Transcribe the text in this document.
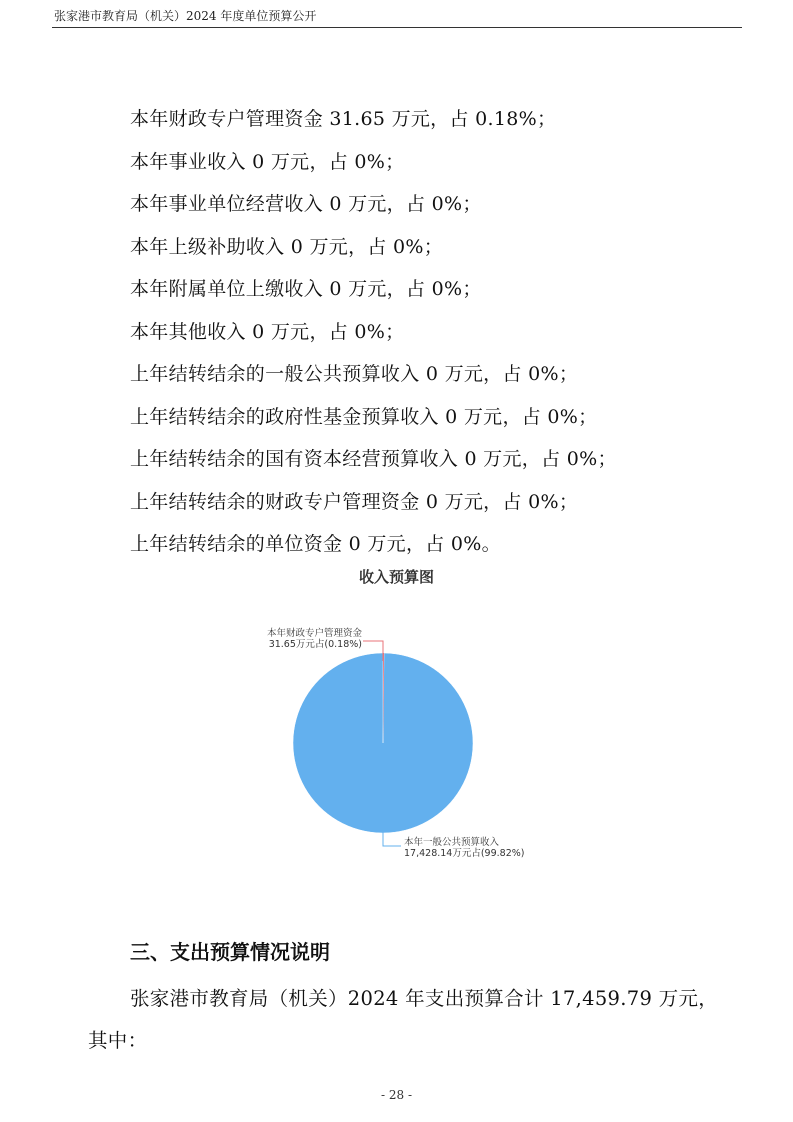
张家港市教育局（机关）2024 年度单位预算公开
本年财政专户管理资金 31.65 万元，占 0.18%；
本年事业收入 0 万元，占 0%；
本年事业单位经营收入 0 万元，占 0%；
本年上级补助收入 0 万元，占 0%；
本年附属单位上缴收入 0 万元，占 0%；
本年其他收入 0 万元，占 0%；
上年结转结余的一般公共预算收入 0 万元，占 0%；
上年结转结余的政府性基金预算收入 0 万元，占 0%；
上年结转结余的国有资本经营预算收入 0 万元，占 0%；
上年结转结余的财政专户管理资金 0 万元，占 0%；
上年结转结余的单位资金 0 万元，占 0%。
收入预算图
本年财政专户管理资金
31.65万元占(0.18%)
本年一般公共预算收入
17,428.14万元占(99.82%)
三、支出预算情况说明
张家港市教育局（机关）2024 年支出预算合计 17,459.79 万元，其中：
- 28 -
